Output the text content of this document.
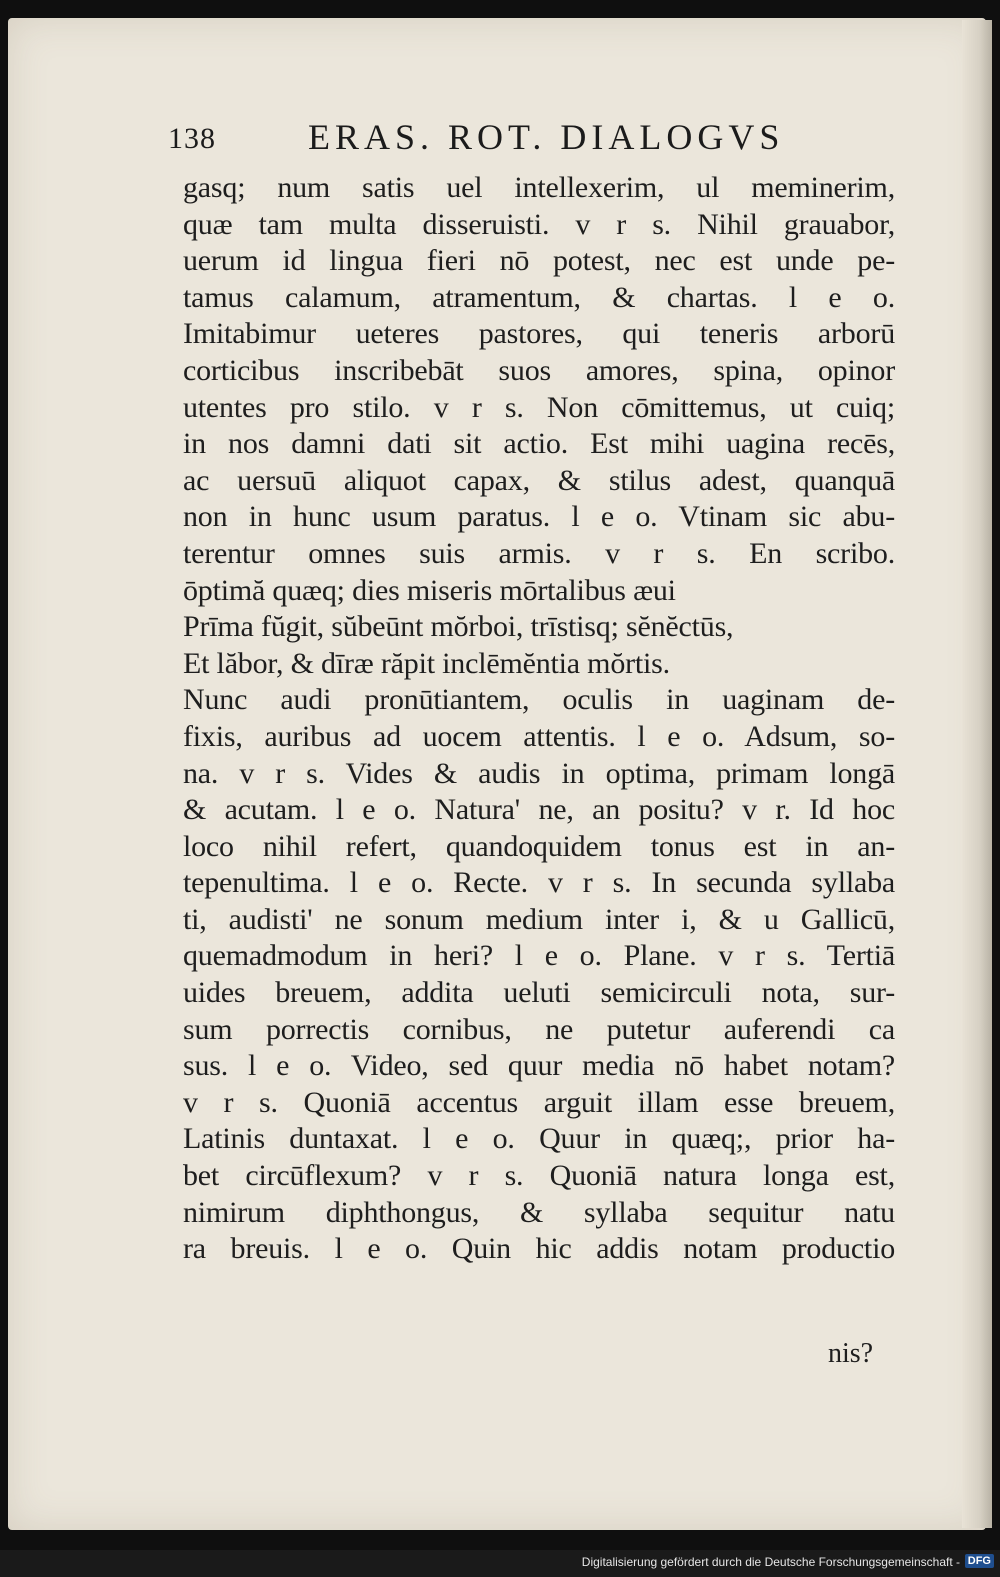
138	ERAS. ROT. DIALOGVS
gasq; num satis uel intellexerim, ul meminerim,
quæ tam multa disseruisti. v r s. Nihil grauabor,
uerum id lingua fieri nō potest, nec est unde pe-
tamus calamum, atramentum, & chartas. l e o.
Imitabimur ueteres pastores, qui teneris arborū
corticibus inscribebāt suos amores, spina, opinor
utentes pro stilo. v r s. Non cōmittemus, ut cuiq;
in nos damni dati sit actio. Est mihi uagina recēs,
ac uersuū aliquot capax, & stilus adest, quanquā
non in hunc usum paratus. l e o. Vtinam sic abu-
terentur omnes suis armis. v r s. En scribo.
ōptimă quæq; dies miseris mōrtalibus æui
Prīma fŭgit, sŭbeūnt mŏrboi, trīstisq; sĕnĕctūs,
Et lăbor, & dīræ răpit inclēmĕntia mŏrtis.
Nunc audi pronūtiantem, oculis in uaginam de-
fixis, auribus ad uocem attentis. l e o. Adsum, so-
na. v r s. Vides & audis in optima, primam longā
& acutam. l e o. Natura' ne, an positu? v r. Id hoc
loco nihil refert, quandoquidem tonus est in an-
tepenultima. l e o. Recte. v r s. In secunda syllaba
ti, audisti' ne sonum medium inter i, & u Gallicū,
quemadmodum in heri? l e o. Plane. v r s. Tertiā
uides breuem, addita ueluti semicirculi nota, sur-
sum porrectis cornibus, ne putetur auferendi ca
sus. l e o. Video, sed quur media nō habet notam?
v r s. Quoniā accentus arguit illam esse breuem,
Latinis duntaxat. l e o. Quur in quæq;, prior ha-
bet circūflexum? v r s. Quoniā natura longa est,
nimirum diphthongus, & syllaba sequitur natu
ra breuis. l e o. Quin hic addis notam productio
nis?
Digitalisierung gefördert durch die Deutsche Forschungsgemeinschaft - DFG
